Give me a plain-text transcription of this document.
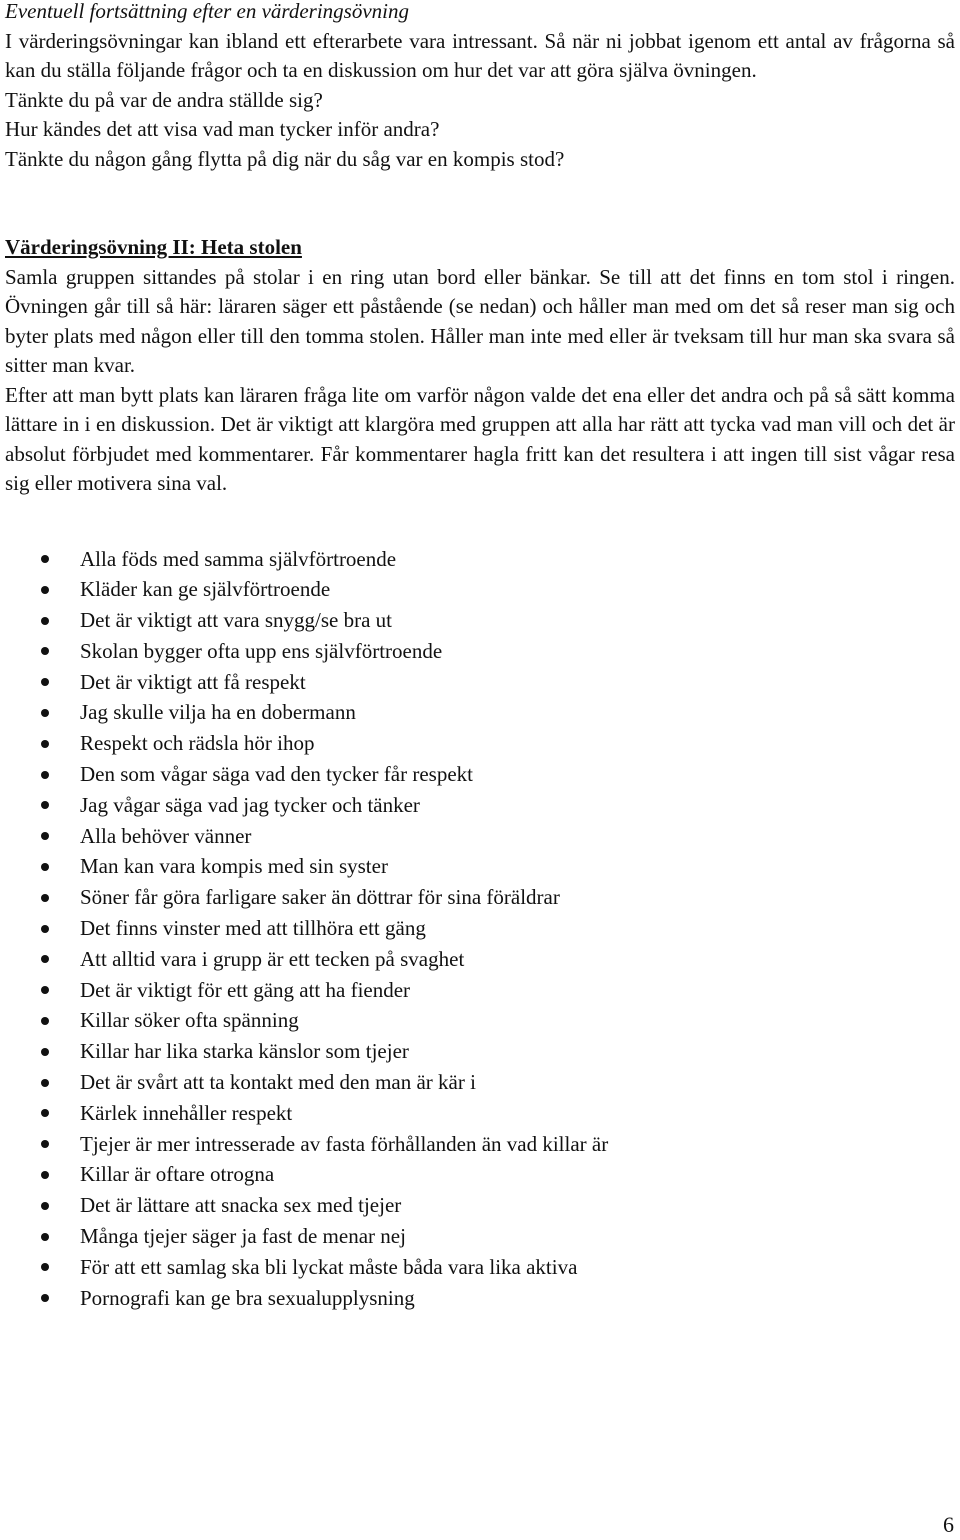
Eventuell fortsättning efter en värderingsövning

I värderingsövningar kan ibland ett efterarbete vara intressant. Så när ni jobbat igenom ett antal av frågorna så kan du ställa följande frågor och ta en diskussion om hur det var att göra själva övningen.

Tänkte du på var de andra ställde sig?

Hur kändes det att visa vad man tycker inför andra?

Tänkte du någon gång flytta på dig när du såg var en kompis stod?

Värderingsövning II: Heta stolen

Samla gruppen sittandes på stolar i en ring utan bord eller bänkar. Se till att det finns en tom stol i ringen. Övningen går till så här: läraren säger ett påstående (se nedan) och håller man med om det så reser man sig och byter plats med någon eller till den tomma stolen. Håller man inte med eller är tveksam till hur man ska svara så sitter man kvar.

Efter att man bytt plats kan läraren fråga lite om varför någon valde det ena eller det andra och på så sätt komma lättare in i en diskussion. Det är viktigt att klargöra med gruppen att alla har rätt att tycka vad man vill och det är absolut förbjudet med kommentarer. Får kommentarer hagla fritt kan det resultera i att ingen till sist vågar resa sig eller motivera sina val.

Alla föds med samma självförtroende
Kläder kan ge självförtroende
Det är viktigt att vara snygg/se bra ut
Skolan bygger ofta upp ens självförtroende
Det är viktigt att få respekt
Jag skulle vilja ha en dobermann
Respekt och rädsla hör ihop
Den som vågar säga vad den tycker får respekt
Jag vågar säga vad jag tycker och tänker
Alla behöver vänner
Man kan vara kompis med sin syster
Söner får göra farligare saker än döttrar för sina föräldrar
Det finns vinster med att tillhöra ett gäng
Att alltid vara i grupp är ett tecken på svaghet
Det är viktigt för ett gäng att ha fiender
Killar söker ofta spänning
Killar har lika starka känslor som tjejer
Det är svårt att ta kontakt med den man är kär i
Kärlek innehåller respekt
Tjejer är mer intresserade av fasta förhållanden än vad killar är
Killar är oftare otrogna
Det är lättare att snacka sex med tjejer
Många tjejer säger ja fast de menar nej
För att ett samlag ska bli lyckat måste båda vara lika aktiva
Pornografi kan ge bra sexualupplysning
6
